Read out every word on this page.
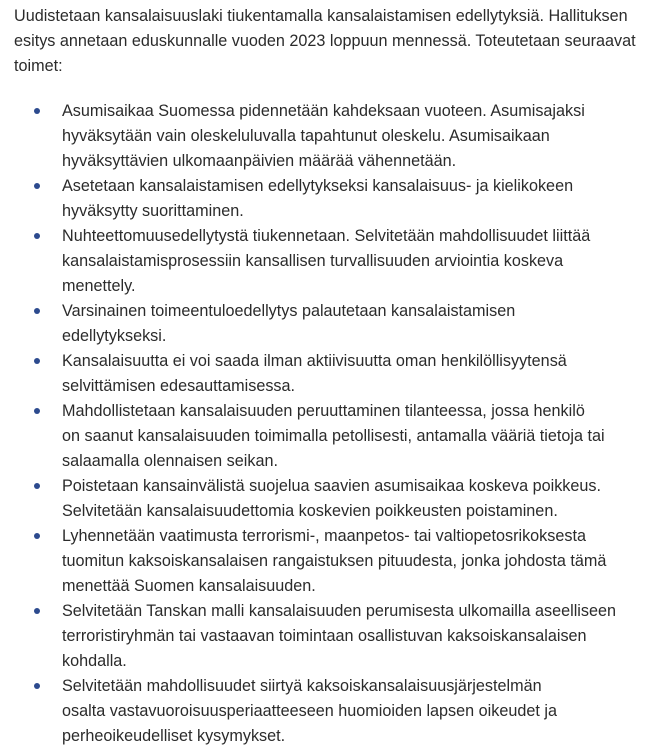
Uudistetaan kansalaisuuslaki tiukentamalla kansalaistamisen edellytyksiä. Hallituksen
esitys annetaan eduskunnalle vuoden 2023 loppuun mennessä. Toteutetaan seuraavat
toimet:

Asumisaikaa Suomessa pidennetään kahdeksaan vuoteen. Asumisajaksi
hyväksytään vain oleskeluluvalla tapahtunut oleskelu. Asumisaikaan
hyväksyttävien ulkomaanpäivien määrää vähennetään.
Asetetaan kansalaistamisen edellytykseksi kansalaisuus- ja kielikokeen
hyväksytty suorittaminen.
Nuhteettomuusedellytystä tiukennetaan. Selvitetään mahdollisuudet liittää
kansalaistamisprosessiin kansallisen turvallisuuden arviointia koskeva
menettely.
Varsinainen toimeentuloedellytys palautetaan kansalaistamisen
edellytykseksi.
Kansalaisuutta ei voi saada ilman aktiivisuutta oman henkilöllisyytensä
selvittämisen edesauttamisessa.
Mahdollistetaan kansalaisuuden peruuttaminen tilanteessa, jossa henkilö
on saanut kansalaisuuden toimimalla petollisesti, antamalla vääriä tietoja tai
salaamalla olennaisen seikan.
Poistetaan kansainvälistä suojelua saavien asumisaikaa koskeva poikkeus.
Selvitetään kansalaisuudettomia koskevien poikkeusten poistaminen.
Lyhennetään vaatimusta terrorismi-, maanpetos- tai valtiopetosrikoksesta
tuomitun kaksoiskansalaisen rangaistuksen pituudesta, jonka johdosta tämä
menettää Suomen kansalaisuuden.
Selvitetään Tanskan malli kansalaisuuden perumisesta ulkomailla aseelliseen
terroristiryhmän tai vastaavan toimintaan osallistuvan kaksoiskansalaisen
kohdalla.
Selvitetään mahdollisuudet siirtyä kaksoiskansalaisuusjärjestelmän
osalta vastavuoroisuusperiaatteeseen huomioiden lapsen oikeudet ja
perheoikeudelliset kysymykset.
